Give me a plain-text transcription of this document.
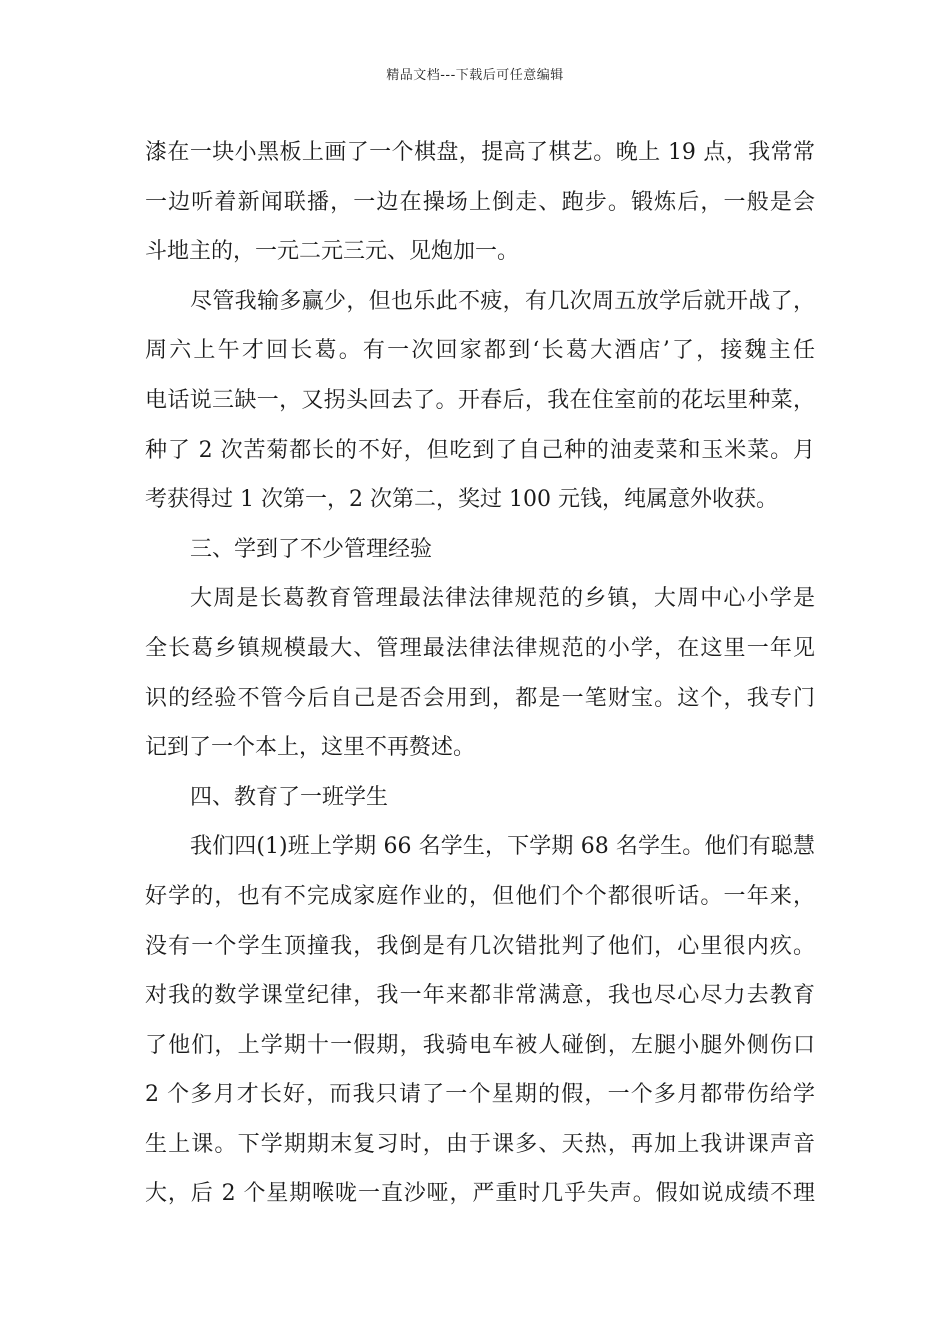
精品文档---下载后可任意编辑
漆在一块小黑板上画了一个棋盘，提高了棋艺。晚上 19 点，我常常
一边听着新闻联播，一边在操场上倒走、跑步。锻炼后，一般是会
斗地主的，一元二元三元、见炮加一。
尽管我输多赢少，但也乐此不疲，有几次周五放学后就开战了，
周六上午才回长葛。有一次回家都到‘长葛大酒店’了，接魏主任
电话说三缺一，又拐头回去了。开春后，我在住室前的花坛里种菜，
种了 2 次苦菊都长的不好，但吃到了自己种的油麦菜和玉米菜。月
考获得过 1 次第一，2 次第二，奖过 100 元钱，纯属意外收获。
三、学到了不少管理经验
大周是长葛教育管理最法律法律规范的乡镇，大周中心小学是
全长葛乡镇规模最大、管理最法律法律规范的小学，在这里一年见
识的经验不管今后自己是否会用到，都是一笔财宝。这个，我专门
记到了一个本上，这里不再赘述。
四、教育了一班学生
我们四(1)班上学期 66 名学生，下学期 68 名学生。他们有聪慧
好学的，也有不完成家庭作业的，但他们个个都很听话。一年来，
没有一个学生顶撞我，我倒是有几次错批判了他们，心里很内疚。
对我的数学课堂纪律，我一年来都非常满意，我也尽心尽力去教育
了他们，上学期十一假期，我骑电车被人碰倒，左腿小腿外侧伤口
2 个多月才长好，而我只请了一个星期的假，一个多月都带伤给学
生上课。下学期期末复习时，由于课多、天热，再加上我讲课声音
大，后 2 个星期喉咙一直沙哑，严重时几乎失声。假如说成绩不理
